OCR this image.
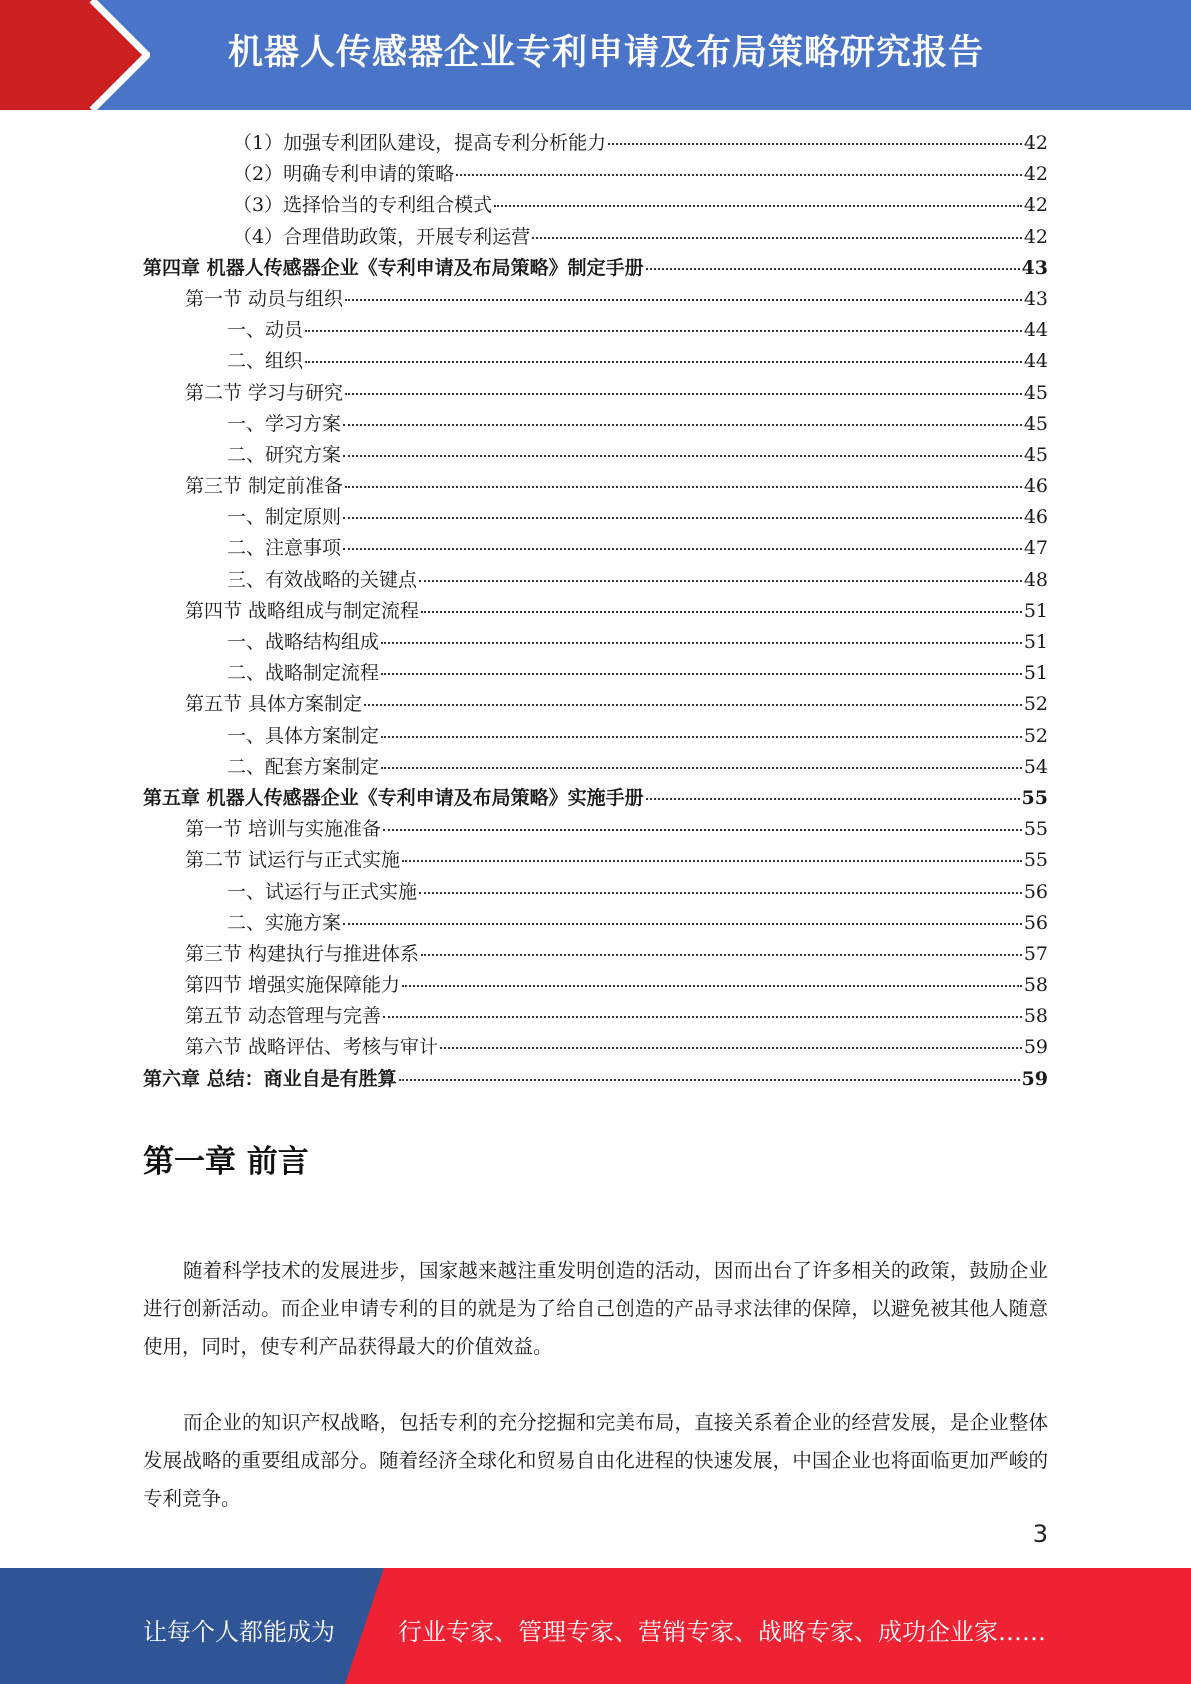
机器人传感器企业专利申请及布局策略研究报告
（1）加强专利团队建设，提高专利分析能力	42
（2）明确专利申请的策略	42
（3）选择恰当的专利组合模式	42
（4）合理借助政策，开展专利运营	42
第四章 机器人传感器企业《专利申请及布局策略》制定手册	43
第一节 动员与组织	43
一、动员	44
二、组织	44
第二节 学习与研究	45
一、学习方案	45
二、研究方案	45
第三节 制定前准备	46
一、制定原则	46
二、注意事项	47
三、有效战略的关键点	48
第四节 战略组成与制定流程	51
一、战略结构组成	51
二、战略制定流程	51
第五节 具体方案制定	52
一、具体方案制定	52
二、配套方案制定	54
第五章 机器人传感器企业《专利申请及布局策略》实施手册	55
第一节 培训与实施准备	55
第二节 试运行与正式实施	55
一、试运行与正式实施	56
二、实施方案	56
第三节 构建执行与推进体系	57
第四节 增强实施保障能力	58
第五节 动态管理与完善	58
第六节 战略评估、考核与审计	59
第六章 总结：商业自是有胜算	59
第一章 前言

随着科学技术的发展进步，国家越来越注重发明创造的活动，因而出台了许多相关的政策，鼓励企业进行创新活动。而企业申请专利的目的就是为了给自己创造的产品寻求法律的保障，以避免被其他人随意使用，同时，使专利产品获得最大的价值效益。

而企业的知识产权战略，包括专利的充分挖掘和完美布局，直接关系着企业的经营发展，是企业整体发展战略的重要组成部分。随着经济全球化和贸易自由化进程的快速发展，中国企业也将面临更加严峻的专利竞争。

3
让每个人都能成为	行业专家、管理专家、营销专家、战略专家、成功企业家……
